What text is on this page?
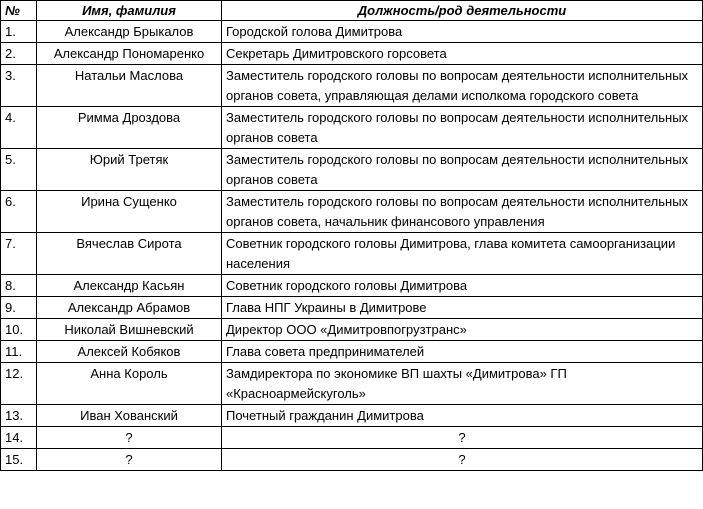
№	Имя, фамилия	Должность/род деятельности
1.	Александр Брыкалов	Городской голова Димитрова
2.	Александр Пономаренко	Секретарь Димитровского горсовета
3.	Натальи Маслова	Заместитель городского головы по вопросам деятельности исполнительных органов совета, управляющая делами исполкома городского совета
4.	Римма Дроздова	Заместитель городского головы по вопросам деятельности исполнительных органов совета
5.	Юрий Третяк	Заместитель городского головы по вопросам деятельности исполнительных органов совета
6.	Ирина Сущенко	Заместитель городского головы по вопросам деятельности исполнительных органов совета, начальник финансового управления
7.	Вячеслав Сирота	Советник городского головы Димитрова, глава комитета самоорганизации населения
8.	Александр Касьян	Советник городского головы Димитрова
9.	Александр Абрамов	Глава НПГ Украины в Димитрове
10.	Николай Вишневский	Директор ООО «Димитровпогрузтранс»
11.	Алексей Кобяков	Глава совета предпринимателей
12.	Анна Король	Замдиректора по экономике ВП шахты «Димитрова» ГП «Красноармейскуголь»
13.	Иван Хованский	Почетный гражданин Димитрова
14.	?	?
15.	?	?
